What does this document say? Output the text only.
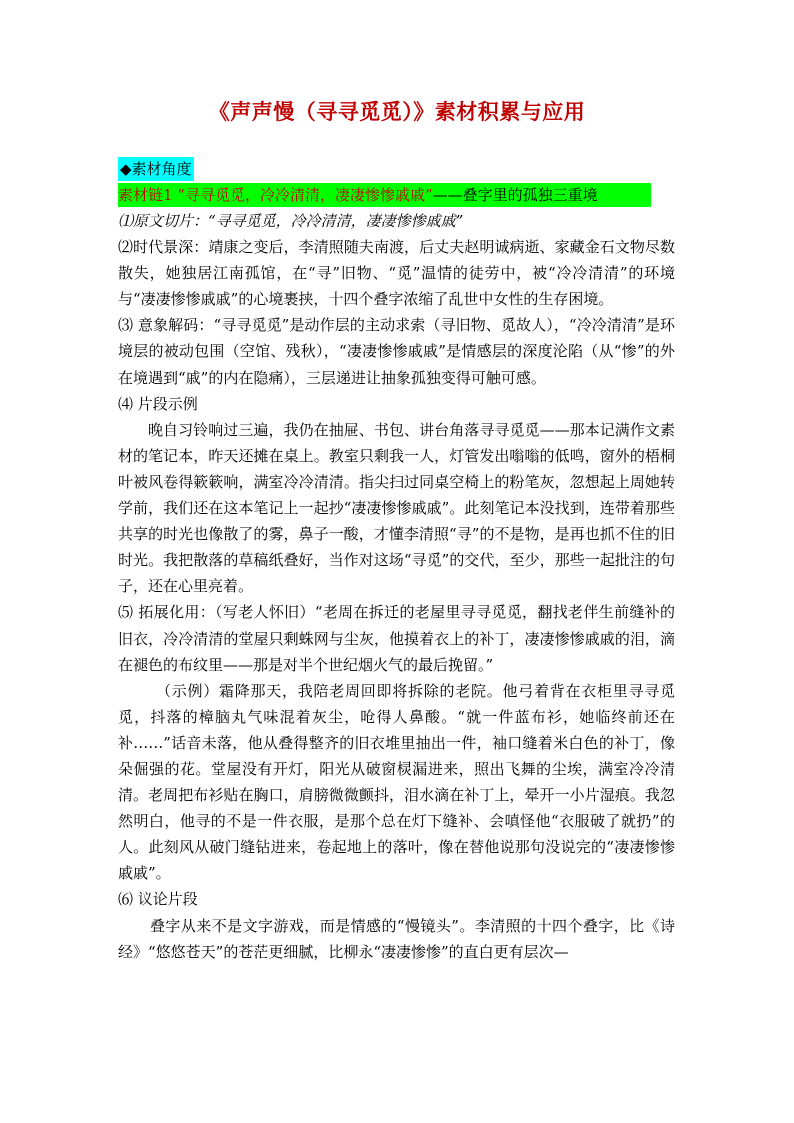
《声声慢（寻寻觅觅）》素材积累与应用
◆素材角度
素材链1 “寻寻觅觅，冷冷清清，凄凄惨惨戚戚”——叠字里的孤独三重境

⑴原文切片：“寻寻觅觅，冷冷清清，凄凄惨惨戚戚”

⑵时代景深：靖康之变后，李清照随夫南渡，后丈夫赵明诚病逝、家藏金石文物尽数散失，她独居江南孤馆，在“寻”旧物、“觅”温情的徒劳中，被“冷冷清清”的环境与“凄凄惨惨戚戚”的心境裹挟，十四个叠字浓缩了乱世中女性的生存困境。

⑶ 意象解码：“寻寻觅觅”是动作层的主动求索（寻旧物、觅故人），“冷冷清清”是环境层的被动包围（空馆、残秋），“凄凄惨惨戚戚”是情感层的深度沦陷（从“惨”的外在境遇到“戚”的内在隐痛），三层递进让抽象孤独变得可触可感。

⑷ 片段示例

晚自习铃响过三遍，我仍在抽屉、书包、讲台角落寻寻觅觅——那本记满作文素材的笔记本，昨天还摊在桌上。教室只剩我一人，灯管发出嗡嗡的低鸣，窗外的梧桐叶被风卷得簌簌响，满室冷冷清清。指尖扫过同桌空椅上的粉笔灰，忽想起上周她转学前，我们还在这本笔记上一起抄“凄凄惨惨戚戚”。此刻笔记本没找到，连带着那些共享的时光也像散了的雾，鼻子一酸，才懂李清照“寻”的不是物，是再也抓不住的旧时光。我把散落的草稿纸叠好，当作对这场“寻觅”的交代，至少，那些一起批注的句子，还在心里亮着。

⑸ 拓展化用：（写老人怀旧）“老周在拆迁的老屋里寻寻觅觅，翻找老伴生前缝补的旧衣，冷冷清清的堂屋只剩蛛网与尘灰，他摸着衣上的补丁，凄凄惨惨戚戚的泪，滴在褪色的布纹里——那是对半个世纪烟火气的最后挽留。”

（示例）霜降那天，我陪老周回即将拆除的老院。他弓着背在衣柜里寻寻觅觅，抖落的樟脑丸气味混着灰尘，呛得人鼻酸。“就一件蓝布衫，她临终前还在补……”话音未落，他从叠得整齐的旧衣堆里抽出一件，袖口缝着米白色的补丁，像朵倔强的花。堂屋没有开灯，阳光从破窗棂漏进来，照出飞舞的尘埃，满室冷冷清清。老周把布衫贴在胸口，肩膀微微颤抖，泪水滴在补丁上，晕开一小片湿痕。我忽然明白，他寻的不是一件衣服，是那个总在灯下缝补、会嗔怪他“衣服破了就扔”的人。此刻风从破门缝钻进来，卷起地上的落叶，像在替他说那句没说完的“凄凄惨惨戚戚”。

⑹ 议论片段

叠字从来不是文字游戏，而是情感的“慢镜头”。李清照的十四个叠字，比《诗经》“悠悠苍天”的苍茫更细腻，比柳永“凄凄惨惨”的直白更有层次—
